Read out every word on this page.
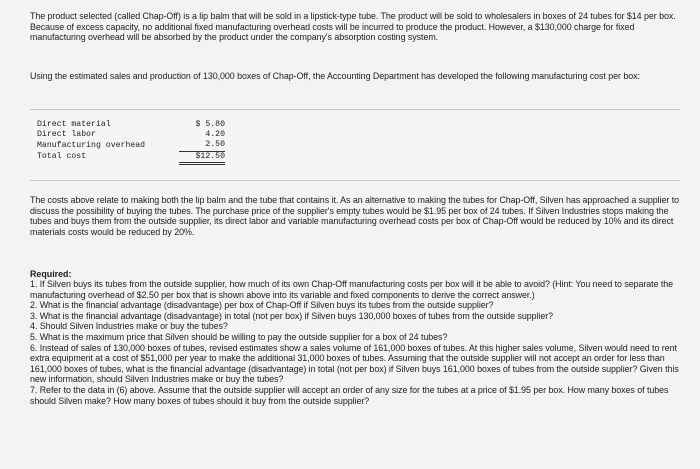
The product selected (called Chap-Off) is a lip balm that will be sold in a lipstick-type tube. The product will be sold to wholesalers in boxes of 24 tubes for $14 per box. Because of excess capacity, no additional fixed manufacturing overhead costs will be incurred to produce the product. However, a $130,000 charge for fixed manufacturing overhead will be absorbed by the product under the company's absorption costing system.

Using the estimated sales and production of 130,000 boxes of Chap-Off, the Accounting Department has developed the following manufacturing cost per box:

Direct material	$ 5.80
Direct labor	4.20
Manufacturing overhead	2.50
Total cost	$12.50

The costs above relate to making both the lip balm and the tube that contains it. As an alternative to making the tubes for Chap-Off, Silven has approached a supplier to discuss the possibility of buying the tubes. The purchase price of the supplier's empty tubes would be $1.95 per box of 24 tubes. If Silven Industries stops making the tubes and buys them from the outside supplier, its direct labor and variable manufacturing overhead costs per box of Chap-Off would be reduced by 10% and its direct materials costs would be reduced by 20%.

Required:

1. If Silven buys its tubes from the outside supplier, how much of its own Chap-Off manufacturing costs per box will it be able to avoid? (Hint: You need to separate the manufacturing overhead of $2.50 per box that is shown above into its variable and fixed components to derive the correct answer.)
2. What is the financial advantage (disadvantage) per box of Chap-Off if Silven buys its tubes from the outside supplier?
3. What is the financial advantage (disadvantage) in total (not per box) if Silven buys 130,000 boxes of tubes from the outside supplier?
4. Should Silven Industries make or buy the tubes?
5. What is the maximum price that Silven should be willing to pay the outside supplier for a box of 24 tubes?
6. Instead of sales of 130,000 boxes of tubes, revised estimates show a sales volume of 161,000 boxes of tubes. At this higher sales volume, Silven would need to rent extra equipment at a cost of $51,000 per year to make the additional 31,000 boxes of tubes. Assuming that the outside supplier will not accept an order for less than 161,000 boxes of tubes, what is the financial advantage (disadvantage) in total (not per box) if Silven buys 161,000 boxes of tubes from the outside supplier? Given this new information, should Silven Industries make or buy the tubes?
7. Refer to the data in (6) above. Assume that the outside supplier will accept an order of any size for the tubes at a price of $1.95 per box. How many boxes of tubes should Silven make? How many boxes of tubes should it buy from the outside supplier?
